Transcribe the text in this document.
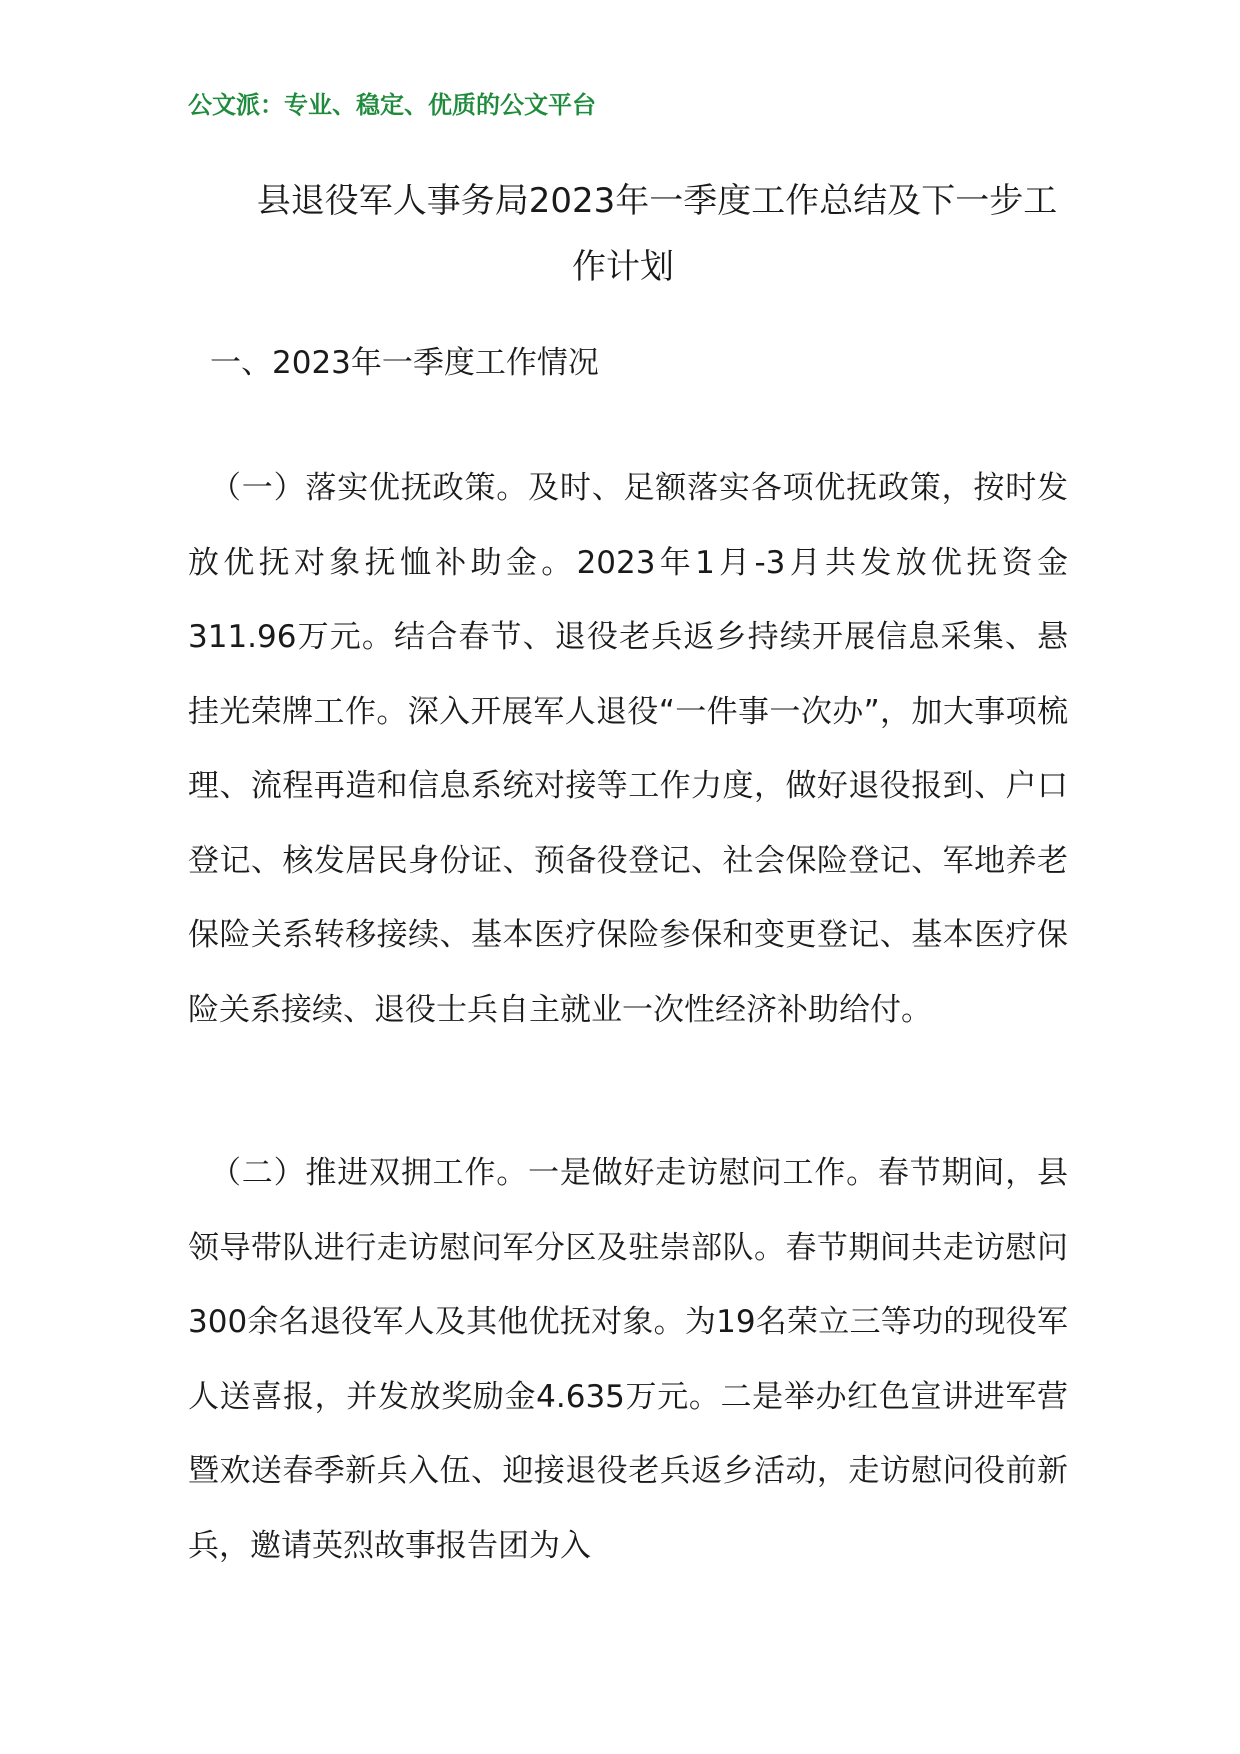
公文派：专业、稳定、优质的公文平台
县退役军人事务局2023年一季度工作总结及下一步工作计划
一、2023年一季度工作情况

（一）落实优抚政策。及时、足额落实各项优抚政策，按时发放优抚对象抚恤补助金。2023年1月-3月共发放优抚资金311.96万元。结合春节、退役老兵返乡持续开展信息采集、悬挂光荣牌工作。深入开展军人退役“一件事一次办”，加大事项梳理、流程再造和信息系统对接等工作力度，做好退役报到、户口登记、核发居民身份证、预备役登记、社会保险登记、军地养老保险关系转移接续、基本医疗保险参保和变更登记、基本医疗保险关系接续、退役士兵自主就业一次性经济补助给付。

（二）推进双拥工作。一是做好走访慰问工作。春节期间，县领导带队进行走访慰问军分区及驻崇部队。春节期间共走访慰问300余名退役军人及其他优抚对象。为19名荣立三等功的现役军人送喜报，并发放奖励金4.635万元。二是举办红色宣讲进军营暨欢送春季新兵入伍、迎接退役老兵返乡活动，走访慰问役前新兵，邀请英烈故事报告团为入
